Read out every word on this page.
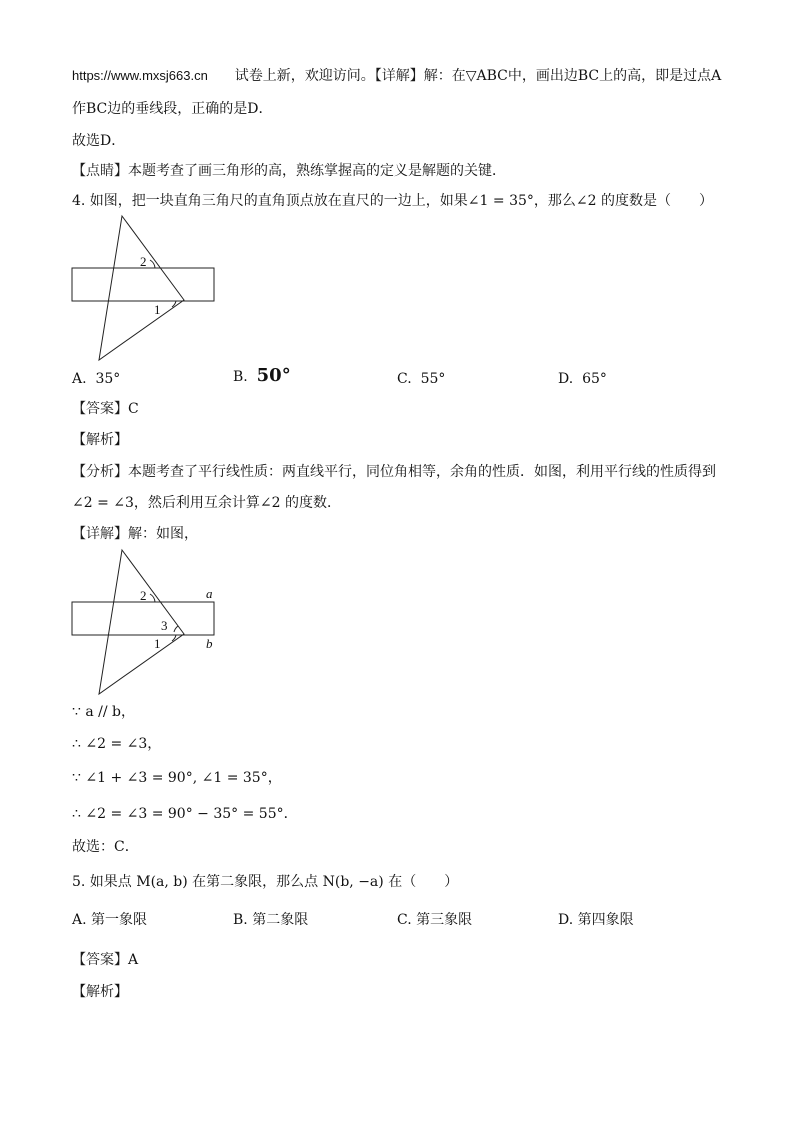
https://www.mxsj663.cn 试卷上新，欢迎访问。【详解】解：在▽ABC中，画出边BC上的高，即是过点A
作BC边的垂线段，正确的是D．
故选D．
【点睛】本题考查了画三角形的高，熟练掌握高的定义是解题的关键．
4. 如图，把一块直角三角尺的直角顶点放在直尺的一边上，如果∠1 = 35°，那么∠2 的度数是（　　）
2
1
A. 35°	B. 50°	C. 55°	D. 65°
【答案】C
【解析】
【分析】本题考查了平行线性质：两直线平行，同位角相等，余角的性质．如图，利用平行线的性质得到
∠2 = ∠3，然后利用互余计算∠2 的度数．
【详解】解：如图，
2
3
1
a
b
∵ a // b，
∴ ∠2 = ∠3，
∵ ∠1 + ∠3 = 90°, ∠1 = 35°，
∴ ∠2 = ∠3 = 90° − 35° = 55°．
故选：C．
5. 如果点 M(a, b) 在第二象限，那么点 N(b, −a) 在（　　）
A. 第一象限	B. 第二象限	C. 第三象限	D. 第四象限
【答案】A
【解析】
